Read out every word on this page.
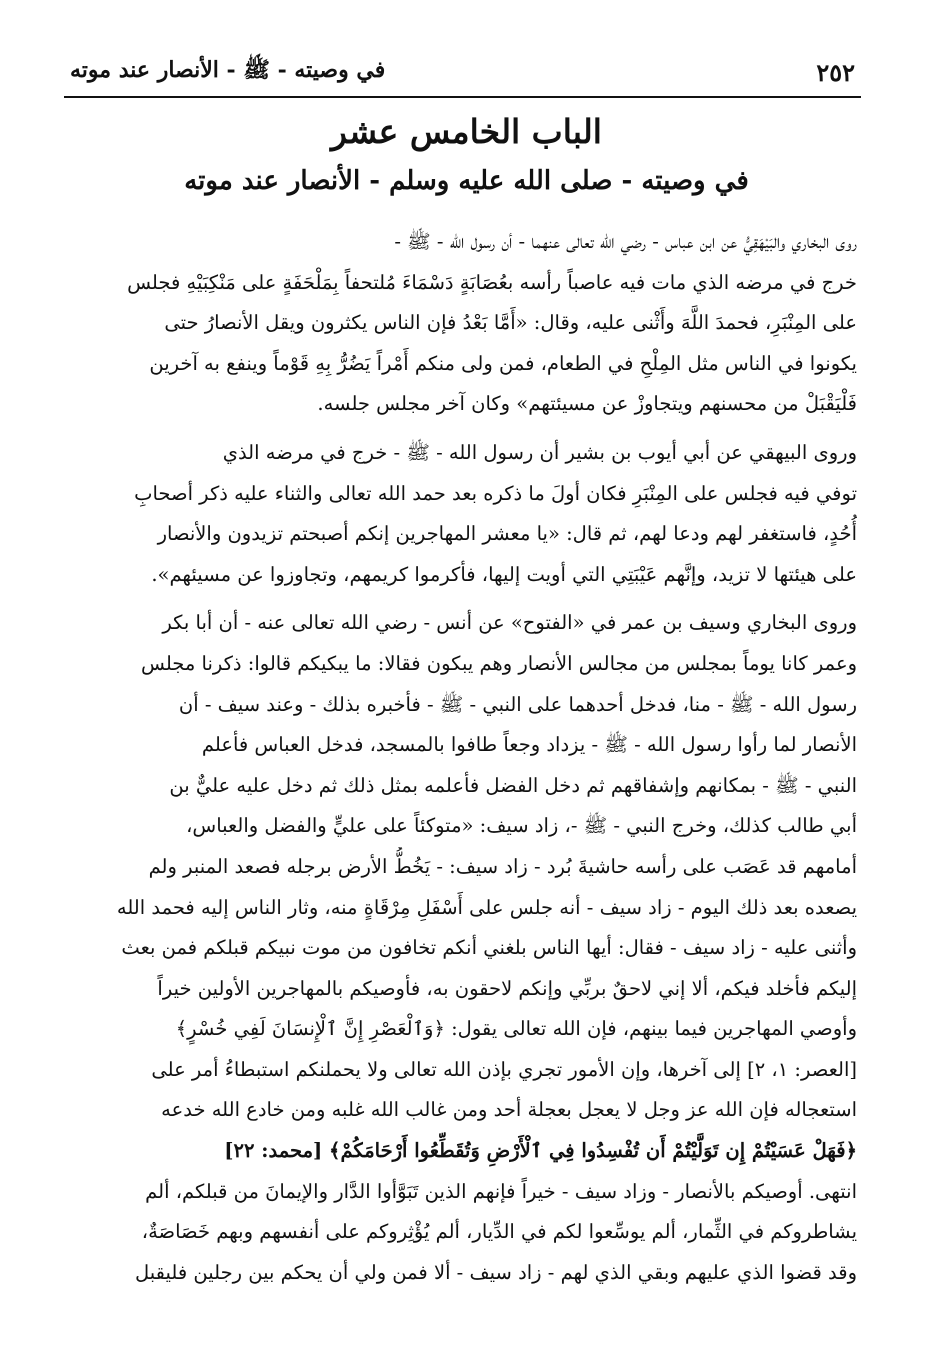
٢٥٢
في وصيته - ﷺ - الأنصار عند موته
الباب الخامس عشر
في وصيته - صلى الله عليه وسلم - الأنصار عند موته

روى البخاري والبَيْهَقِيُّ عن ابن عباس - رضي الله تعالى عنهما - أن رسول الله - ﷺ -
خرج في مرضه الذي مات فيه عاصباً رأسه بعُصَابَةٍ دَسْمَاءَ مُلتحفاً بِمَلْحَفَةٍ على مَنْكِبَيْهِ فجلس
على المِنْبَرِ، فحمدَ اللَّهَ وأَثْنى عليه، وقال: «أَمَّا بَعْدُ فإن الناس يكثرون ويقل الأنصارُ حتى
يكونوا في الناس مثل المِلْحِ في الطعام، فمن ولى منكم أَمْراً يَضُرُّ بِهِ قَوْماً وينفع به آخرين
فَلْيَقْبَلْ من محسنهم ويتجاوزْ عن مسيئتهم» وكان آخر مجلس جلسه.

وروى البيهقي عن أبي أيوب بن بشير أن رسول الله - ﷺ - خرج في مرضه الذي
توفي فيه فجلس على المِنْبَرِ فكان أولَ ما ذكره بعد حمد الله تعالى والثناء عليه ذكر أصحابِ
أُحُدٍ، فاستغفر لهم ودعا لهم، ثم قال: «يا معشر المهاجرين إنكم أصبحتم تزيدون والأنصار
على هيئتها لا تزيد، وإنَّهم عَيْبَتِي التي أويت إليها، فأكرموا كريمهم، وتجاوزوا عن مسيئهم».

وروى البخاري وسيف بن عمر في «الفتوح» عن أنس - رضي الله تعالى عنه - أن أبا بكر
وعمر كانا يوماً بمجلس من مجالس الأنصار وهم يبكون فقالا: ما يبكيكم قالوا: ذكرنا مجلس
رسول الله - ﷺ - منا، فدخل أحدهما على النبي - ﷺ - فأخبره بذلك - وعند سيف - أن
الأنصار لما رأوا رسول الله - ﷺ - يزداد وجعاً طافوا بالمسجد، فدخل العباس فأعلم
النبي - ﷺ - بمكانهم وإشفاقهم ثم دخل الفضل فأعلمه بمثل ذلك ثم دخل عليه عليٌّ بن
أبي طالب كذلك، وخرج النبي - ﷺ -، زاد سيف: «متوكئاً على عليٍّ والفضل والعباس،
أمامهم قد عَصَب على رأسه حاشيةَ بُرد - زاد سيف: - يَخُطُّ الأرض برجله فصعد المنبر ولم
يصعده بعد ذلك اليوم - زاد سيف - أنه جلس على أَسْفَلِ مِرْقَاةٍ منه، وثار الناس إليه فحمد الله
وأثنى عليه - زاد سيف - فقال: أيها الناس بلغني أنكم تخافون من موت نبيكم قبلكم فمن بعث
إليكم فأخلد فيكم، ألا إني لاحقٌ بربِّي وإنكم لاحقون به، فأوصيكم بالمهاجرين الأولين خيراً
وأوصي المهاجرين فيما بينهم، فإن الله تعالى يقول: ﴿وَٱلْعَصْرِ إِنَّ ٱلْإِنسَانَ لَفِي خُسْرٍ﴾
[العصر: ١، ٢] إلى آخرها، وإن الأمور تجري بإذن الله تعالى ولا يحملنكم استبطاءُ أمر على
استعجاله فإن الله عز وجل لا يعجل بعجلة أحد ومن غالب الله غلبه ومن خادع الله خدعه
﴿فَهَلْ عَسَيْتُمْ إِن تَوَلَّيْتُمْ أَن تُفْسِدُوا فِي ٱلْأَرْضِ وَتُقَطِّعُوا أَرْحَامَكُمْ﴾ [محمد: ٢٢]
انتهى. أوصيكم بالأنصار - وزاد سيف - خيراً فإنهم الذين تَبَوَّأوا الدَّار والإيمانَ من قبلكم، ألم
يشاطروكم في الثِّمار، ألم يوسِّعوا لكم في الدِّيار، ألم يُؤْثِروكم على أنفسهم وبهم خَصَاصَةٌ،
وقد قضوا الذي عليهم وبقي الذي لهم - زاد سيف - ألا فمن ولي أن يحكم بين رجلين فليقبل
